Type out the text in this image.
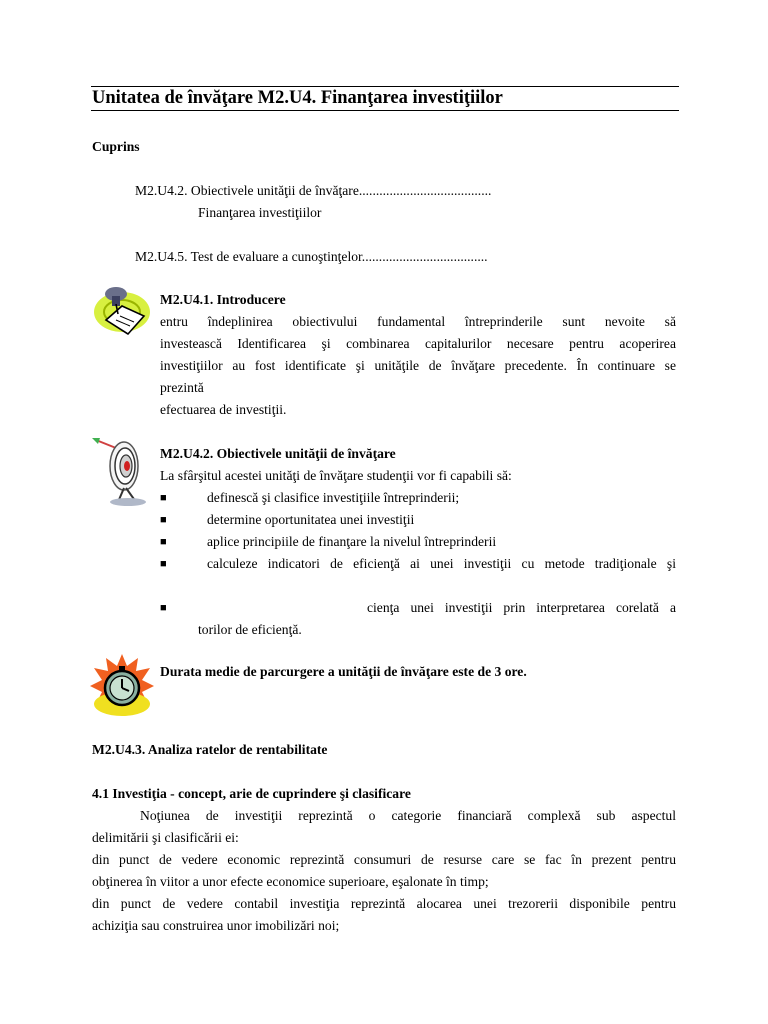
Unitatea de învăţare M2.U4. Finanţarea investiţiilor
Cuprins
M2.U4.2. Obiectivele unităţii de învăţare.......................................
Finanţarea investiţiilor
M2.U4.5. Test de evaluare a cunoştinţelor.....................................
M2.U4.1. Introducere
entru îndeplinirea obiectivului fundamental întreprinderile sunt nevoite să
investească Identificarea şi combinarea capitalurilor necesare pentru acoperirea
investiţiilor au fost identificate şi unităţile de învăţare precedente. În continuare se
prezintă
efectuarea de investiţii.
M2.U4.2. Obiectivele unităţii de învăţare
La sfârşitul acestei unităţi de învăţare studenţii vor fi capabili să:
■	definescă şi clasifice investiţiile întreprinderii;
■	determine oportunitatea unei investiţii
■	aplice principiile de finanţare la nivelul întreprinderii
■	calculeze indicatori de eficienţă ai unei investiţii cu metode tradiţionale şi
■	cienţa unei investiţii prin interpretarea corelată a
torilor de eficienţă.
Durata medie de parcurgere a unităţii de învăţare este de 3 ore.
M2.U4.3. Analiza ratelor de rentabilitate
4.1 Investiţia - concept, arie de cuprindere şi clasificare
Noţiunea de investiţii reprezintă o categorie financiară complexă sub aspectul
delimitării şi clasificării ei:
din punct de vedere economic reprezintă consumuri de resurse care se fac în prezent pentru
obţinerea în viitor a unor efecte economice superioare, eşalonate în timp;
din punct de vedere contabil investiţia reprezintă alocarea unei trezorerii disponibile pentru
achiziţia sau construirea unor imobilizări noi;
